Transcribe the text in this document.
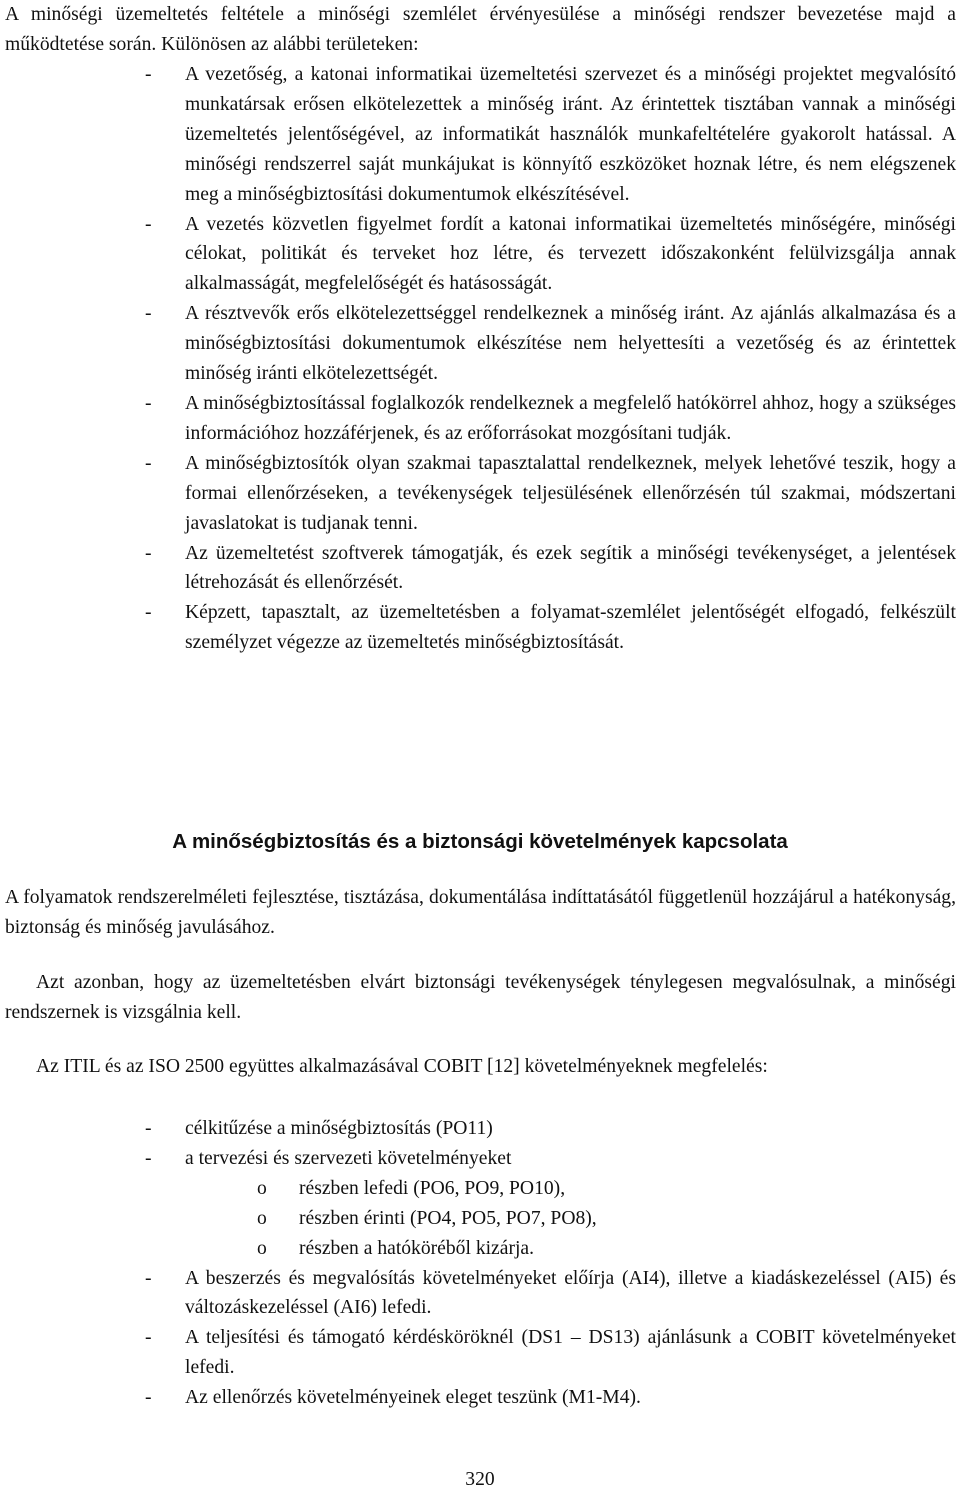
A minőségi üzemeltetés feltétele a minőségi szemlélet érvényesülése a minőségi rendszer bevezetése majd a működtetése során. Különösen az alábbi területeken:
- A vezetőség, a katonai informatikai üzemeltetési szervezet és a minőségi projektet megvalósító munkatársak erősen elkötelezettek a minőség iránt. Az érintettek tisztában vannak a minőségi üzemeltetés jelentőségével, az informatikát használók munkafeltételére gyakorolt hatással. A minőségi rendszerrel saját munkájukat is könnyítő eszközöket hoznak létre, és nem elégszenek meg a minőségbiztosítási dokumentumok elkészítésével.
- A vezetés közvetlen figyelmet fordít a katonai informatikai üzemeltetés minőségére, minőségi célokat, politikát és terveket hoz létre, és tervezett időszakonként felülvizsgálja annak alkalmasságát, megfelelőségét és hatásosságát.
- A résztvevők erős elkötelezettséggel rendelkeznek a minőség iránt. Az ajánlás alkalmazása és a minőségbiztosítási dokumentumok elkészítése nem helyettesíti a vezetőség és az érintettek minőség iránti elkötelezettségét.
- A minőségbiztosítással foglalkozók rendelkeznek a megfelelő hatókörrel ahhoz, hogy a szükséges információhoz hozzáférjenek, és az erőforrásokat mozgósítani tudják.
- A minőségbiztosítók olyan szakmai tapasztalattal rendelkeznek, melyek lehetővé teszik, hogy a formai ellenőrzéseken, a tevékenységek teljesülésének ellenőrzésén túl szakmai, módszertani javaslatokat is tudjanak tenni.
- Az üzemeltetést szoftverek támogatják, és ezek segítik a minőségi tevékenységet, a jelentések létrehozását és ellenőrzését.
- Képzett, tapasztalt, az üzemeltetésben a folyamat-szemlélet jelentőségét elfogadó, felkészült személyzet végezze az üzemeltetés minőségbiztosítását.
A minőségbiztosítás és a biztonsági követelmények kapcsolata
A folyamatok rendszerelméleti fejlesztése, tisztázása, dokumentálása indíttatásától függetlenül hozzájárul a hatékonyság, biztonság és minőség javulásához.
Azt azonban, hogy az üzemeltetésben elvárt biztonsági tevékenységek ténylegesen megvalósulnak, a minőségi rendszernek is vizsgálnia kell.
Az ITIL és az ISO 2500 együttes alkalmazásával COBIT [12] követelményeknek megfelelés:
- célkitűzése a minőségbiztosítás (PO11)
- a tervezési és szervezeti követelményeket
o részben lefedi (PO6, PO9, PO10),
o részben érinti (PO4, PO5, PO7, PO8),
o részben a hatóköréből kizárja.
- A beszerzés és megvalósítás követelményeket előírja (AI4), illetve a kiadáskezeléssel (AI5) és változáskezeléssel (AI6) lefedi.
- A teljesítési és támogató kérdésköröknél (DS1 – DS13) ajánlásunk a COBIT követelményeket lefedi.
- Az ellenőrzés követelményeinek eleget teszünk (M1-M4).
320
